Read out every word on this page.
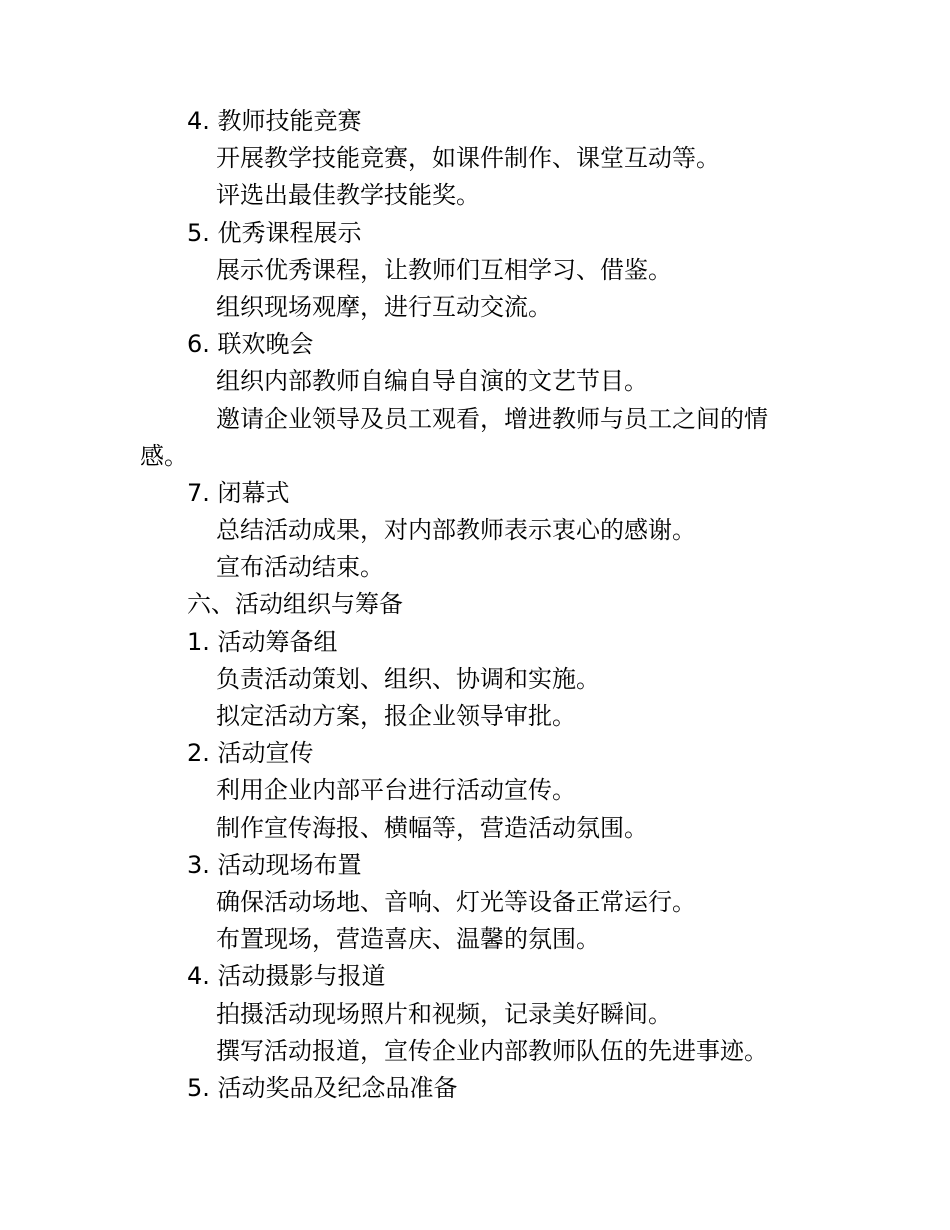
4. 教师技能竞赛
开展教学技能竞赛，如课件制作、课堂互动等。
评选出最佳教学技能奖。
5. 优秀课程展示
展示优秀课程，让教师们互相学习、借鉴。
组织现场观摩，进行互动交流。
6. 联欢晚会
组织内部教师自编自导自演的文艺节目。
邀请企业领导及员工观看，增进教师与员工之间的情
感。
7. 闭幕式
总结活动成果，对内部教师表示衷心的感谢。
宣布活动结束。
六、活动组织与筹备
1. 活动筹备组
负责活动策划、组织、协调和实施。
拟定活动方案，报企业领导审批。
2. 活动宣传
利用企业内部平台进行活动宣传。
制作宣传海报、横幅等，营造活动氛围。
3. 活动现场布置
确保活动场地、音响、灯光等设备正常运行。
布置现场，营造喜庆、温馨的氛围。
4. 活动摄影与报道
拍摄活动现场照片和视频，记录美好瞬间。
撰写活动报道，宣传企业内部教师队伍的先进事迹。
5. 活动奖品及纪念品准备
